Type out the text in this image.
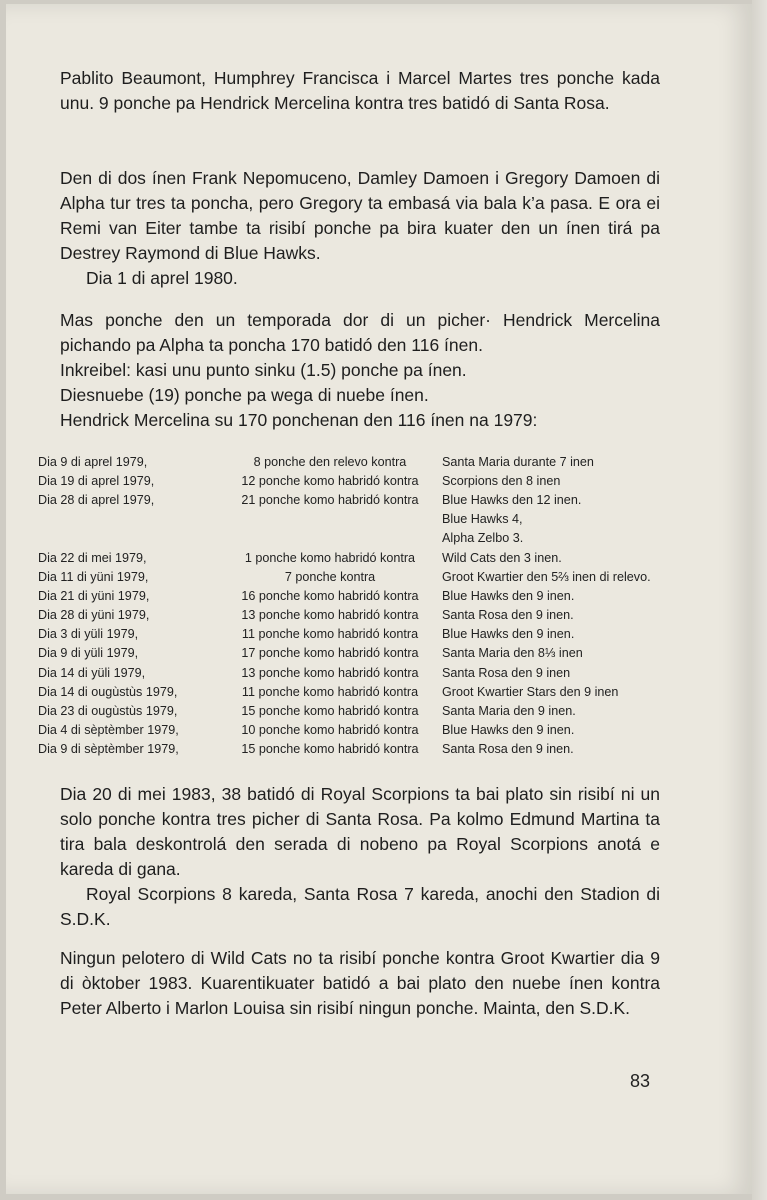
Pablito Beaumont, Humphrey Francisca i Marcel Martes tres ponche kada unu. 9 ponche pa Hendrick Mercelina kontra tres batidó di Santa Rosa.

Den di dos ínen Frank Nepomuceno, Damley Damoen i Gregory Damoen di Alpha tur tres ta poncha, pero Gregory ta embasá via bala k’a pasa. E ora ei Remi van Eiter tambe ta risibí ponche pa bira kuater den un ínen tirá pa Destrey Raymond di Blue Hawks.

Dia 1 di aprel 1980.

Mas ponche den un temporada dor di un picher· Hendrick Mercelina pichando pa Alpha ta poncha 170 batidó den 116 ínen.

Inkreibel: kasi unu punto sinku (1.5) ponche pa ínen.

Diesnuebe (19) ponche pa wega di nuebe ínen.

Hendrick Mercelina su 170 ponchenan den 116 ínen na 1979:

Dia 9 di aprel 1979,	8 ponche den relevo kontra	Santa Maria durante 7 inen
Dia 19 di aprel 1979,	12 ponche komo habridó kontra	Scorpions den 8 inen
Dia 28 di aprel 1979,	21 ponche komo habridó kontra	Blue Hawks den 12 inen.
		Blue Hawks 4,
		Alpha Zelbo 3.
Dia 22 di mei 1979,	1 ponche komo habridó kontra	Wild Cats den 3 inen.
Dia 11 di yüni 1979,	7 ponche kontra	Groot Kwartier den 5⅔ inen di relevo.
Dia 21 di yüni 1979,	16 ponche komo habridó kontra	Blue Hawks den 9 inen.
Dia 28 di yüni 1979,	13 ponche komo habridó kontra	Santa Rosa den 9 inen.
Dia 3 di yüli 1979,	11 ponche komo habridó kontra	Blue Hawks den 9 inen.
Dia 9 di yüli 1979,	17 ponche komo habridó kontra	Santa Maria den 8⅓ inen
Dia 14 di yüli 1979,	13 ponche komo habridó kontra	Santa Rosa den 9 inen
Dia 14 di ougùstùs 1979,	11 ponche komo habridó kontra	Groot Kwartier Stars den 9 inen
Dia 23 di ougùstùs 1979,	15 ponche komo habridó kontra	Santa Maria den 9 inen.
Dia 4 di sèptèmber 1979,	10 ponche komo habridó kontra	Blue Hawks den 9 inen.
Dia 9 di sèptèmber 1979,	15 ponche komo habridó kontra	Santa Rosa den 9 inen.

Dia 20 di mei 1983, 38 batidó di Royal Scorpions ta bai plato sin risibí ni un solo ponche kontra tres picher di Santa Rosa. Pa kolmo Edmund Martina ta tira bala deskontrolá den serada di nobeno pa Royal Scorpions anotá e kareda di gana.

Royal Scorpions 8 kareda, Santa Rosa 7 kareda, anochi den Stadion di S.D.K.

Ningun pelotero di Wild Cats no ta risibí ponche kontra Groot Kwartier dia 9 di òktober 1983. Kuarentikuater batidó a bai plato den nuebe ínen kontra Peter Alberto i Marlon Louisa sin risibí ningun ponche. Mainta, den S.D.K.

83
